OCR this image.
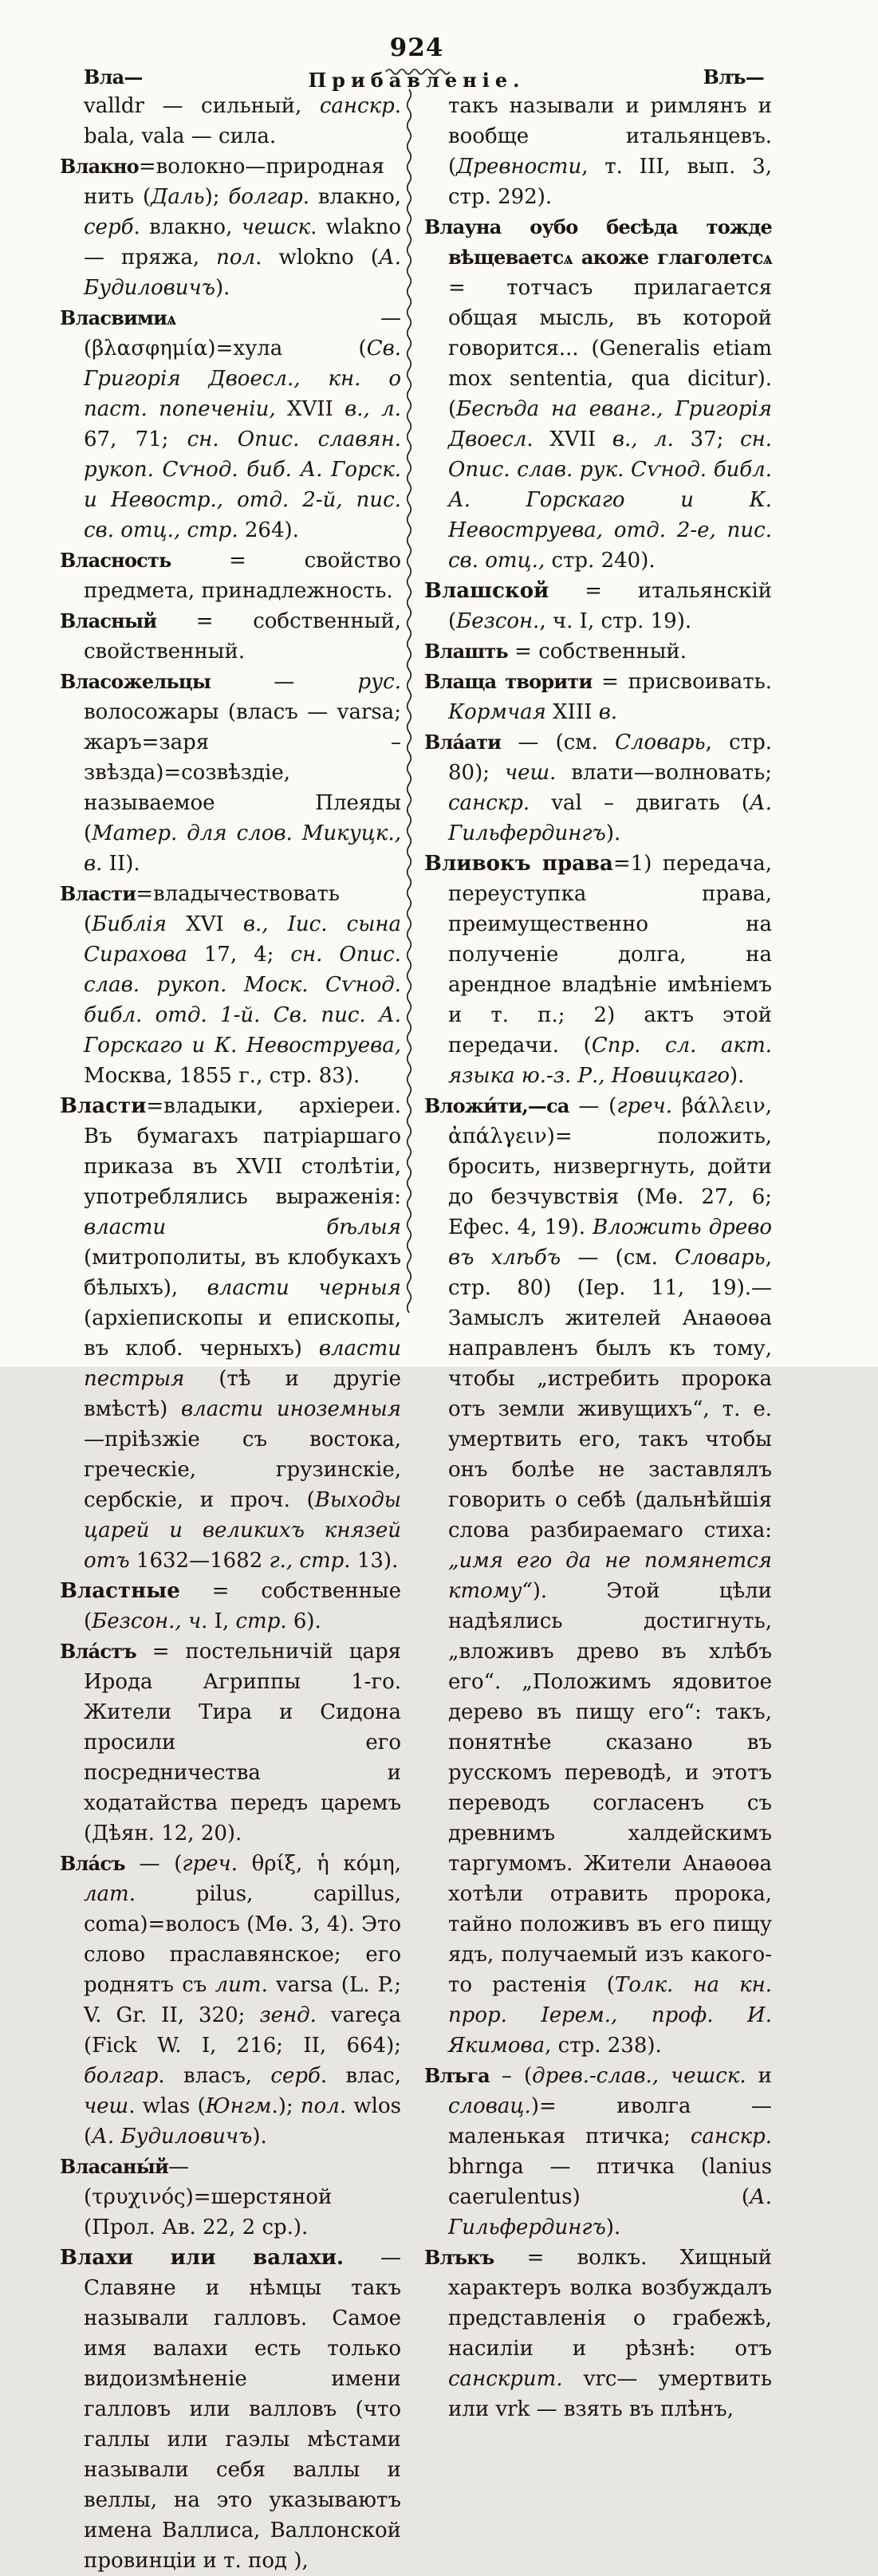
924
Вла—	Прибавленіе.	Влъ—

valldr — сильный, санскр. bala, vala — сила.

Влакно=волокно—природная нить (Даль); болгар. влакно, серб. влакно, чешск. wlakno — пряжа, пол. wlokno (А. Будиловичъ).

Власвимиѧ — (βλασφημία)=хула (Св. Григорія Двоесл., кн. о паст. попеченіи, XVII в., л. 67, 71; сн. Опис. славян. рукоп. Сѵнод. биб. А. Горск. и Невостр., отд. 2-й, пис. св. отц., стр. 264).

Власность = свойство предмета, принадлежность.

Власный = собственный, свойственный.

Власожельцы — рус. волосожары (власъ — varsa; жаръ=заря – звѣзда)=созвѣздіе, называемое Плеяды (Матер. для слов. Микуцк., в. II).

Власти=владычествовать (Библія XVI в., Іис. сына Сирахова 17, 4; сн. Опис. слав. рукоп. Моск. Сѵнод. библ. отд. 1-й. Св. пис. А. Горскаго и К. Невоструева, Москва, 1855 г., стр. 83).

Власти=владыки, архіереи. Въ бумагахъ патріаршаго приказа въ XVII столѣтіи, употреблялись выраженія: власти бѣлыя (митрополиты, въ клобукахъ бѣлыхъ), власти черныя (архіепископы и епископы, въ клоб. черныхъ) власти пестрыя (тѣ и другіе вмѣстѣ) власти иноземныя—пріѣзжіе съ востока, греческіе, грузинскіе, сербскіе, и проч. (Выходы царей и великихъ князей отъ 1632—1682 г., стр. 13).

Властные = собственные (Безсон., ч. I, стр. 6).

Вла́стъ = постельничій царя Ирода Агриппы 1-го. Жители Тира и Сидона просили его посредничества и ходатайства передъ царемъ (Дѣян. 12, 20).

Вла́съ — (греч. θρίξ, ἡ κόμη, лат. pilus, capillus, coma)=волосъ (Мѳ. 3, 4). Это слово праславянское; его роднятъ съ лит. varsa (L. P.; V. Gr. II, 320; зенд. vareça (Fick W. I, 216; II, 664); болгар. власъ, серб. влас, чеш. wlas (Юнгм.); пол. wlos (А. Будиловичъ).

Власаны́й—(τρυχινός)=шерстяной (Прол. Ав. 22, 2 ср.).

Влахи или валахи. — Славяне и нѣмцы такъ называли галловъ. Самое имя валахи есть только видоизмѣненіе имени галловъ или валловъ (что галлы или гаэлы мѣстами называли себя валлы и веллы, на это указываютъ имена Валлиса, Валлонской провинціи и т. под ),

такъ называли и римлянъ и вообще итальянцевъ. (Древности, т. III, вып. 3, стр. 292).

Влауна оубо бесѣда тожде вѣщеваетсѧ акоже глаголетсѧ = тотчасъ прилагается общая мысль, въ которой говорится... (Generalis etiam mox sententia, qua dicitur). (Бесѣда на еванг., Григорія Двоесл. XVII в., л. 37; сн. Опис. слав. рук. Сѵнод. библ. А. Горскаго и К. Невоструева, отд. 2-е, пис. св. отц., стр. 240).

Влашской = итальянскій (Безсон., ч. I, стр. 19).

Влашть = собственный.

Влаща творити = присвоивать. Кормчая XIII в.

Вла́ати — (см. Словарь, стр. 80); чеш. влати—волновать; санскр. val – двигать (А. Гильфердингъ).

Вливокъ права=1) передача, переуступка права, преимущественно на полученіе долга, на арендное владѣніе имѣніемъ и т. п.; 2) актъ этой передачи. (Спр. сл. акт. языка ю.-з. Р., Новицкаго).

Вложи́ти,—са — (греч. βάλλειν, ἀπάλγειν)= положить, бросить, низвергнуть, дойти до безчувствія (Мѳ. 27, 6; Ефес. 4, 19). Вложить древо въ хлѣбъ — (см. Словарь, стр. 80) (Іер. 11, 19).— Замыслъ жителей Анаѳоѳа направленъ былъ къ тому, чтобы „истребить пророка отъ земли живущихъ“, т. е. умертвить его, такъ чтобы онъ болѣе не заставлялъ говорить о себѣ (дальнѣйшія слова разбираемаго стиха: „имя его да не помянется ктому“). Этой цѣли надѣялись достигнуть, „вложивъ древо въ хлѣбъ его“. „Положимъ ядовитое дерево въ пищу его“: такъ, понятнѣе сказано въ русскомъ переводѣ, и этотъ переводъ согласенъ съ древнимъ халдейскимъ таргумомъ. Жители Анаѳоѳа хотѣли отравить пророка, тайно положивъ въ его пищу ядъ, получаемый изъ какого-то растенія (Толк. на кн. прор. Іерем., проф. И. Якимова, стр. 238).

Влъга – (древ.-слав., чешск. и словац.)= иволга — маленькая птичка; санскр. bhrnga — птичка (lanius caerulentus) (А. Гильфердингъ).

Влъкъ = волкъ. Хищный характеръ волка возбуждалъ представленія о грабежѣ, насиліи и рѣзнѣ: отъ санскрит. vrc— умертвить или vrk — взять въ плѣнъ,
